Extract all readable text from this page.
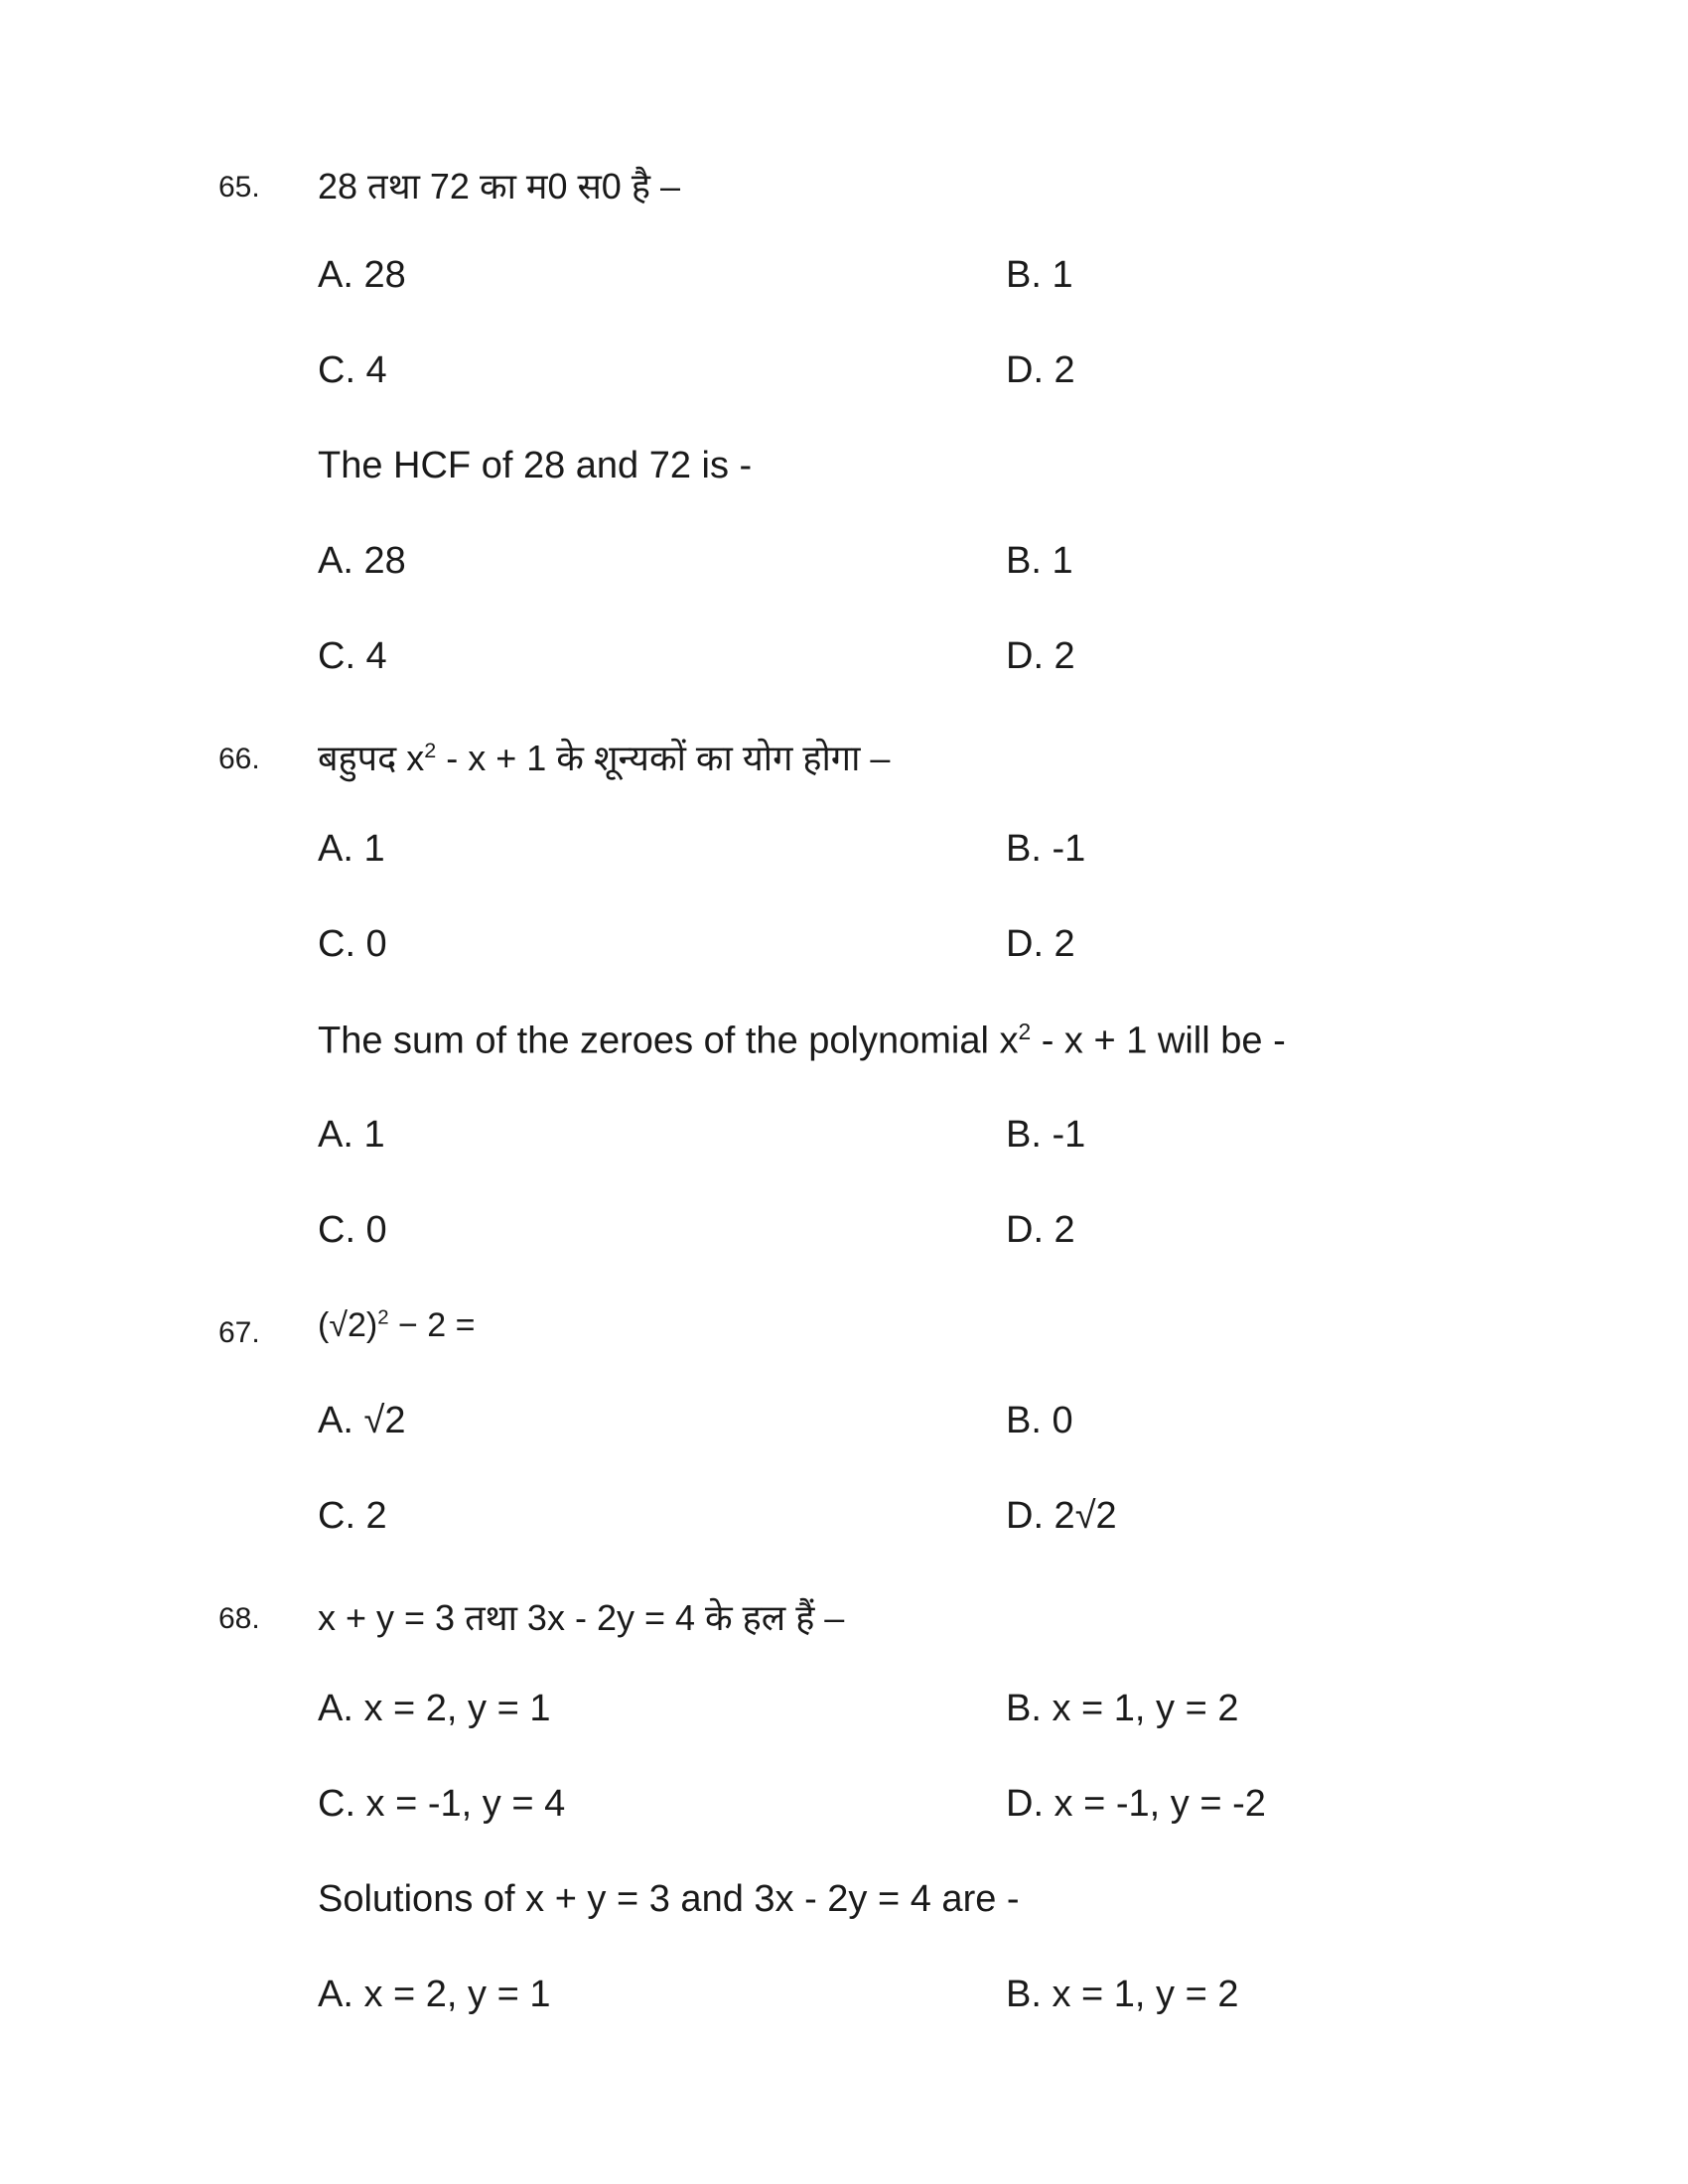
65. 28 तथा 72 का म0 स0 है –
A. 28	B. 1
C. 4	D. 2
The HCF of 28 and 72 is -
A. 28	B. 1
C. 4	D. 2
66. बहुपद $x^2 - x + 1$ के शून्यकों का योग होगा –
A. 1	B. -1
C. 0	D. 2
The sum of the zeroes of the polynomial $x^2 - x + 1$ will be -
A. 1	B. -1
C. 0	D. 2
67. $(√2)^2 - 2$ =
A. √2	B. 0
C. 2	D. 2√2
68. x + y = 3 तथा 3x - 2y = 4 के हल हैं –
A. x = 2, y = 1	B. x = 1, y = 2
C. x = -1, y = 4	D. x = -1, y = -2
Solutions of x + y = 3 and 3x - 2y = 4 are -
A. x = 2, y = 1	B. x = 1, y = 2
